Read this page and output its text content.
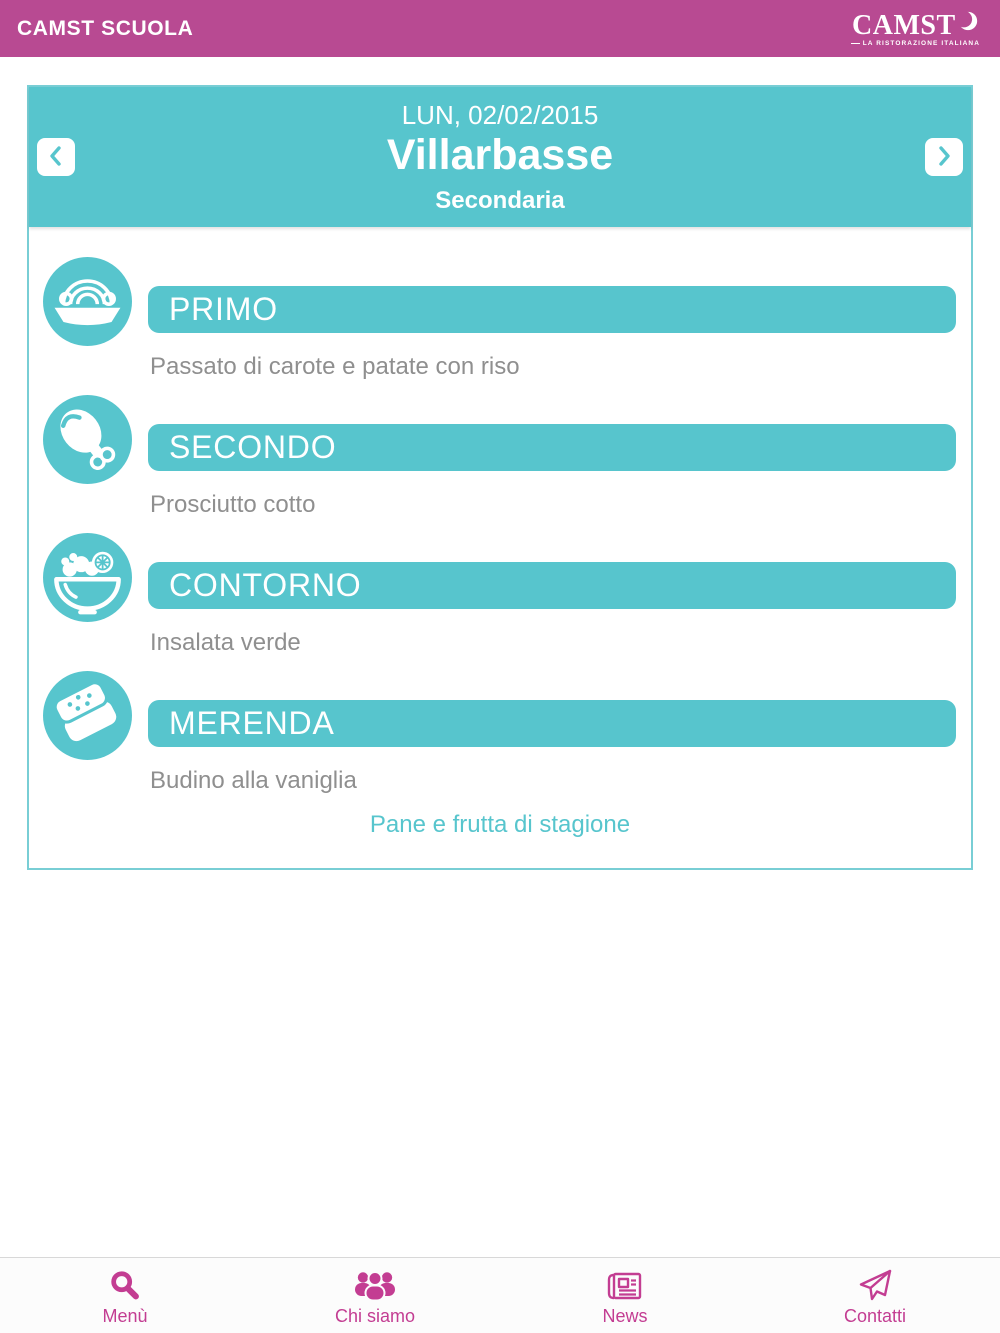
CAMST SCUOLA	CAMST
LA RISTORAZIONE ITALIANA
LUN, 02/02/2015
Villarbasse
Secondaria
PRIMO
Passato di carote e patate con riso
SECONDO
Prosciutto cotto
CONTORNO
Insalata verde
MERENDA
Budino alla vaniglia
Pane e frutta di stagione
Menù	Chi siamo	News	Contatti
